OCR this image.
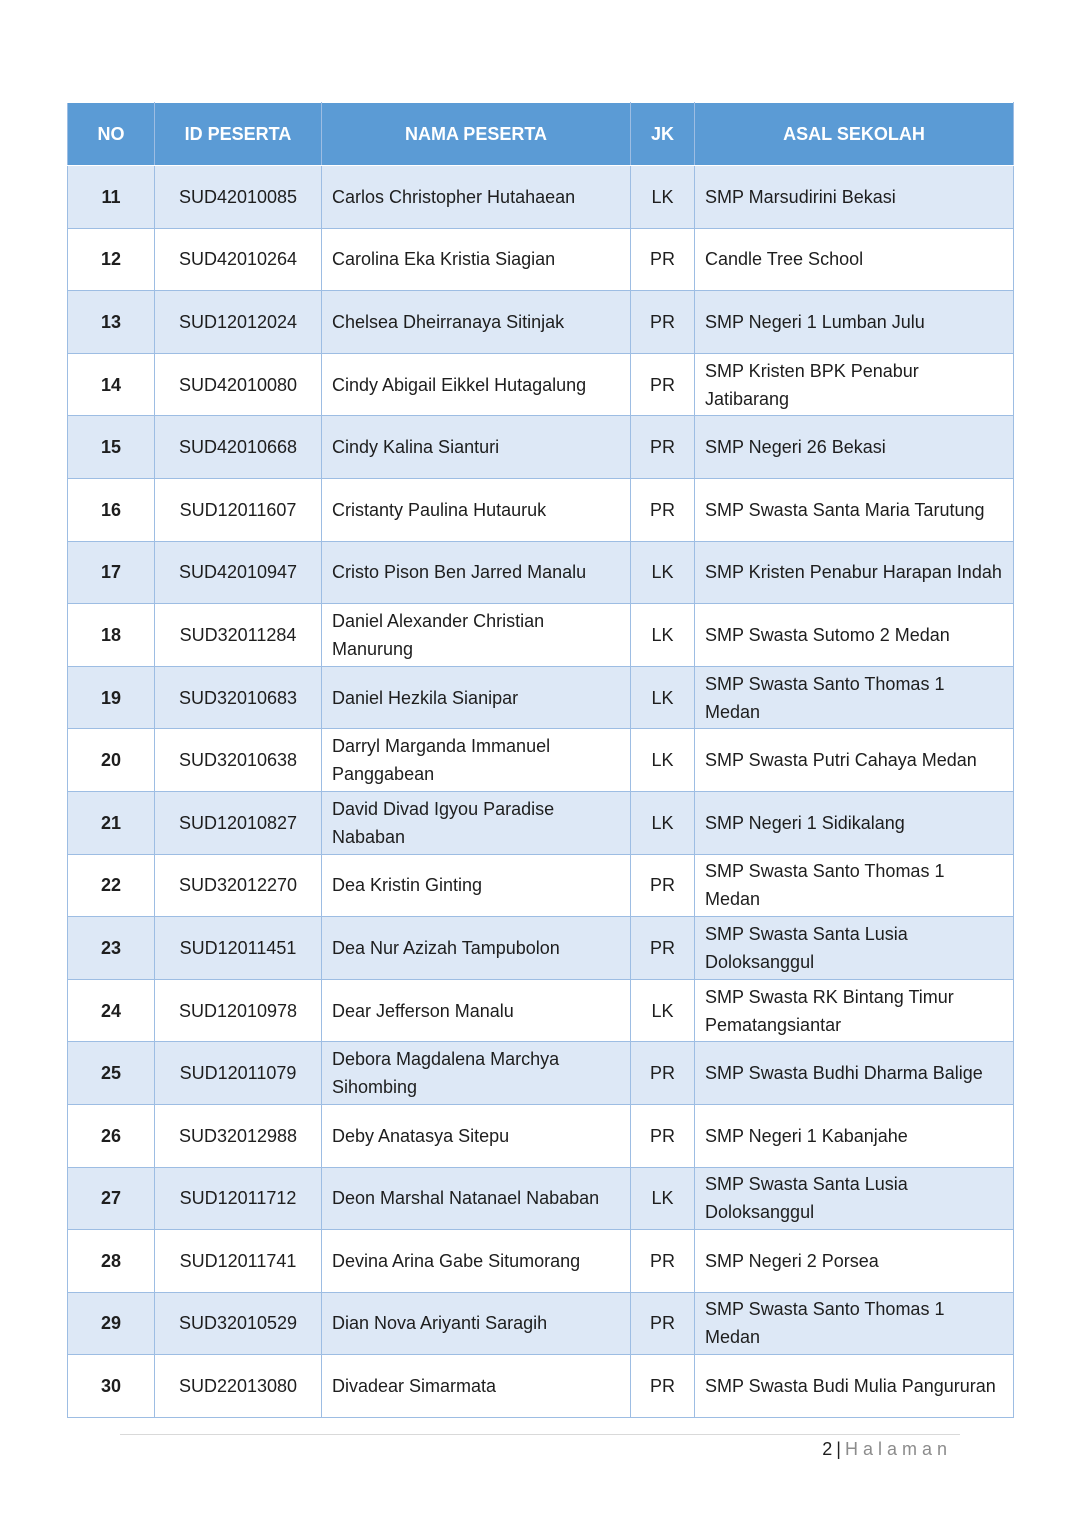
NO	ID PESERTA	NAMA PESERTA	JK	ASAL SEKOLAH
11	SUD42010085	Carlos Christopher Hutahaean	LK	SMP Marsudirini Bekasi
12	SUD42010264	Carolina Eka Kristia Siagian	PR	Candle Tree School
13	SUD12012024	Chelsea Dheirranaya Sitinjak	PR	SMP Negeri 1 Lumban Julu
14	SUD42010080	Cindy Abigail Eikkel Hutagalung	PR	SMP Kristen BPK Penabur Jatibarang
15	SUD42010668	Cindy Kalina Sianturi	PR	SMP Negeri 26 Bekasi
16	SUD12011607	Cristanty Paulina Hutauruk	PR	SMP Swasta Santa Maria Tarutung
17	SUD42010947	Cristo Pison Ben Jarred Manalu	LK	SMP Kristen Penabur Harapan Indah
18	SUD32011284	Daniel Alexander Christian Manurung	LK	SMP Swasta Sutomo 2 Medan
19	SUD32010683	Daniel Hezkila Sianipar	LK	SMP Swasta Santo Thomas 1 Medan
20	SUD32010638	Darryl Marganda Immanuel Panggabean	LK	SMP Swasta Putri Cahaya Medan
21	SUD12010827	David Divad Igyou Paradise Nababan	LK	SMP Negeri 1 Sidikalang
22	SUD32012270	Dea Kristin Ginting	PR	SMP Swasta Santo Thomas 1 Medan
23	SUD12011451	Dea Nur Azizah Tampubolon	PR	SMP Swasta Santa Lusia Doloksanggul
24	SUD12010978	Dear Jefferson Manalu	LK	SMP Swasta RK Bintang Timur Pematangsiantar
25	SUD12011079	Debora Magdalena Marchya Sihombing	PR	SMP Swasta Budhi Dharma Balige
26	SUD32012988	Deby Anatasya Sitepu	PR	SMP Negeri 1 Kabanjahe
27	SUD12011712	Deon Marshal Natanael Nababan	LK	SMP Swasta Santa Lusia Doloksanggul
28	SUD12011741	Devina Arina Gabe Situmorang	PR	SMP Negeri 2 Porsea
29	SUD32010529	Dian Nova Ariyanti Saragih	PR	SMP Swasta Santo Thomas 1 Medan
30	SUD22013080	Divadear Simarmata	PR	SMP Swasta Budi Mulia Pangururan
2 | Halaman
